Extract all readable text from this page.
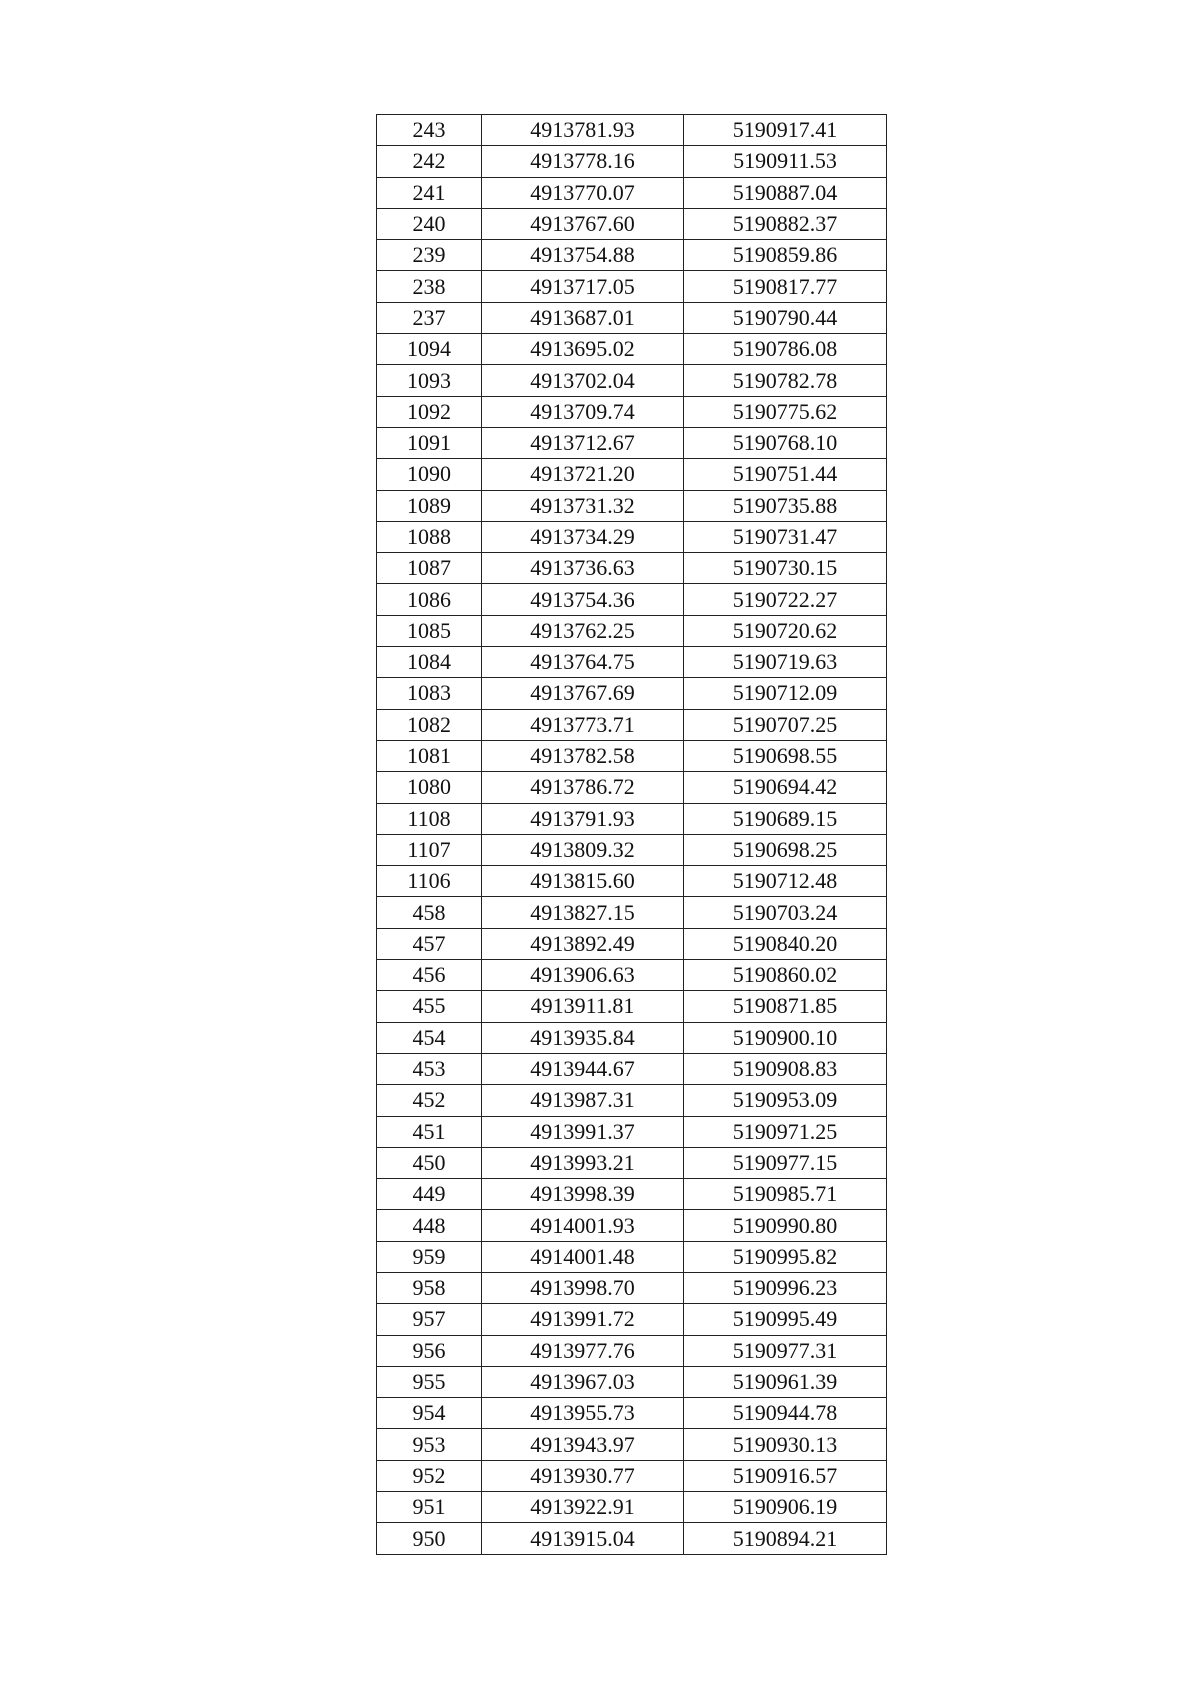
243	4913781.93	5190917.41
242	4913778.16	5190911.53
241	4913770.07	5190887.04
240	4913767.60	5190882.37
239	4913754.88	5190859.86
238	4913717.05	5190817.77
237	4913687.01	5190790.44
1094	4913695.02	5190786.08
1093	4913702.04	5190782.78
1092	4913709.74	5190775.62
1091	4913712.67	5190768.10
1090	4913721.20	5190751.44
1089	4913731.32	5190735.88
1088	4913734.29	5190731.47
1087	4913736.63	5190730.15
1086	4913754.36	5190722.27
1085	4913762.25	5190720.62
1084	4913764.75	5190719.63
1083	4913767.69	5190712.09
1082	4913773.71	5190707.25
1081	4913782.58	5190698.55
1080	4913786.72	5190694.42
1108	4913791.93	5190689.15
1107	4913809.32	5190698.25
1106	4913815.60	5190712.48
458	4913827.15	5190703.24
457	4913892.49	5190840.20
456	4913906.63	5190860.02
455	4913911.81	5190871.85
454	4913935.84	5190900.10
453	4913944.67	5190908.83
452	4913987.31	5190953.09
451	4913991.37	5190971.25
450	4913993.21	5190977.15
449	4913998.39	5190985.71
448	4914001.93	5190990.80
959	4914001.48	5190995.82
958	4913998.70	5190996.23
957	4913991.72	5190995.49
956	4913977.76	5190977.31
955	4913967.03	5190961.39
954	4913955.73	5190944.78
953	4913943.97	5190930.13
952	4913930.77	5190916.57
951	4913922.91	5190906.19
950	4913915.04	5190894.21
